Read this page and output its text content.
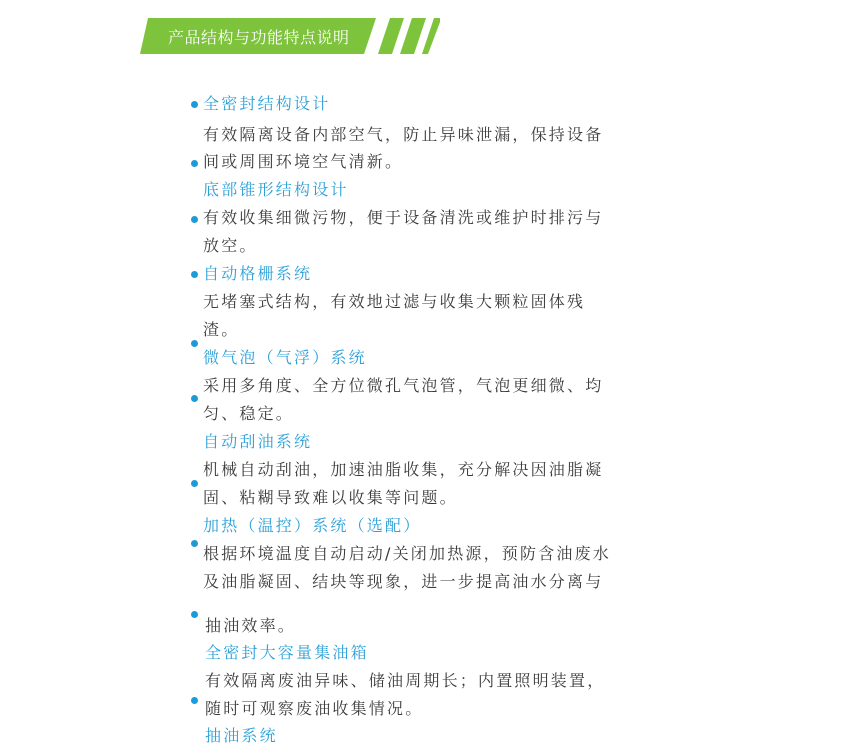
产品结构与功能特点说明
全密封结构设计
有效隔离设备内部空气，防止异味泄漏，保持设备
间或周围环境空气清新。
底部锥形结构设计
有效收集细微污物，便于设备清洗或维护时排污与
放空。
自动格栅系统
无堵塞式结构，有效地过滤与收集大颗粒固体残
渣。
微气泡（气浮）系统
采用多角度、全方位微孔气泡管，气泡更细微、均
匀、稳定。
自动刮油系统
机械自动刮油，加速油脂收集，充分解决因油脂凝
固、粘糊导致难以收集等问题。
加热（温控）系统（选配）
根据环境温度自动启动/关闭加热源，预防含油废水
及油脂凝固、结块等现象，进一步提高油水分离与
抽油效率。
全密封大容量集油箱
有效隔离废油异味、储油周期长；内置照明装置，
随时可观察废油收集情况。
抽油系统
